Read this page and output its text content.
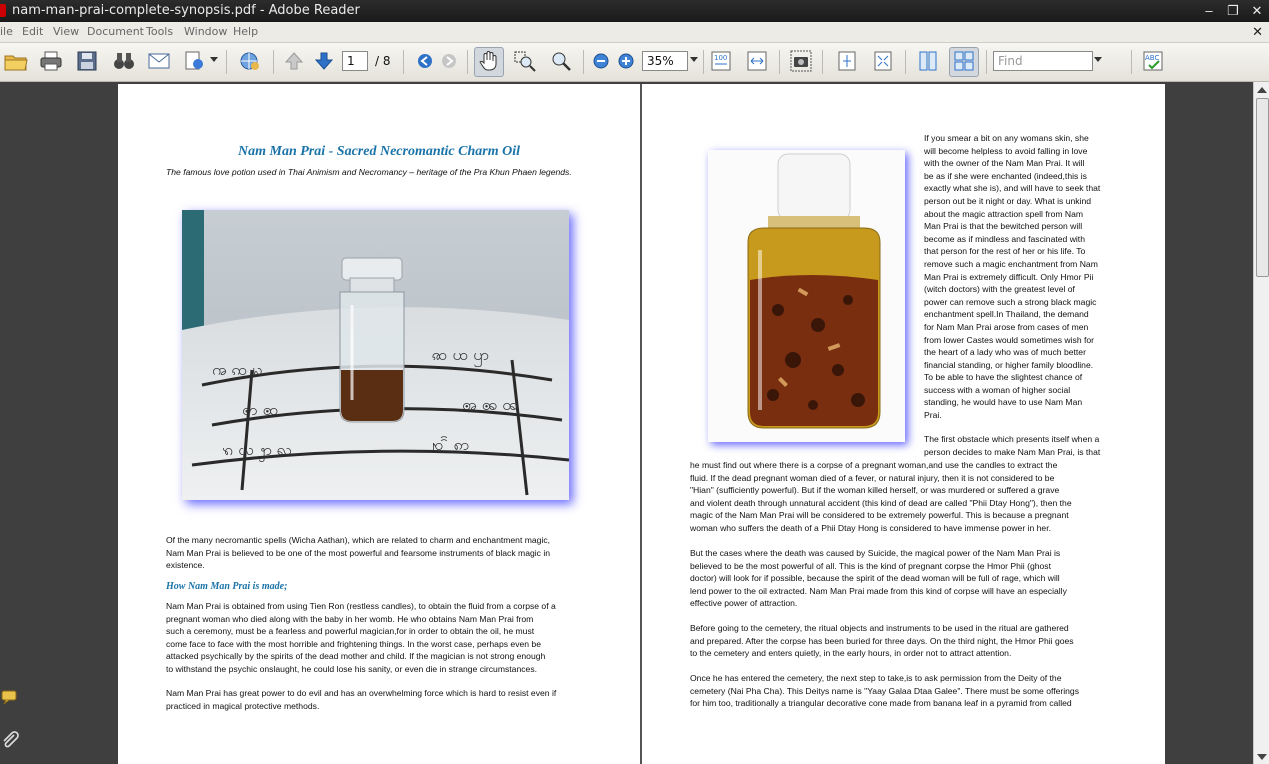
nam-man-prai-complete-synopsis.pdf - Adobe Reader	–	❐ ✕
ile Edit View Document Tools Window Help	✕
1	/ 8	35%	100	Find	ABC
Nam Man Prai - Sacred Necromantic Charm Oil
The famous love potion used in Thai Animism and Necromancy – heritage of the Pra Khun Phaen legends.
ꩠ ꩡ ꩢ
ꩣ ꩤ ꩥ
ꩦ ꩧ	ꩨ ꩩ ꩪ
ꩫ ꩬ ꩭ ꩮ	ꩯ ꩰ ꩱ
Of the many necromantic spells (Wicha Aathan), which are related to charm and enchantment magic,
Nam Man Prai is believed to be one of the most powerful and fearsome instruments of black magic in
existence.
How Nam Man Prai is made;
Nam Man Prai is obtained from using Tien Ron (restless candles), to obtain the fluid from a corpse of a
pregnant woman who died along with the baby in her womb. He who obtains Nam Man Prai from
such a ceremony, must be a fearless and powerful magician,for in order to obtain the oil, he must
come face to face with the most horrible and frightening things. In the worst case, perhaps even be
attacked psychically by the spirits of the dead mother and child. If the magician is not strong enough
to withstand the psychic onslaught, he could lose his sanity, or even die in strange circumstances.
Nam Man Prai has great power to do evil and has an overwhelming force which is hard to resist even if
practiced in magical protective methods.
If you smear a bit on any womans skin, she
will become helpless to avoid falling in love
with the owner of the Nam Man Prai. It will
be as if she were enchanted (indeed,this is
exactly what she is), and will have to seek that
person out be it night or day. What is unkind
about the magic attraction spell from Nam
Man Prai is that the bewitched person will
become as if mindless and fascinated with
that person for the rest of her or his life. To
remove such a magic enchantment from Nam
Man Prai is extremely difficult. Only Hmor Pii
(witch doctors) with the greatest level of
power can remove such a strong black magic
enchantment spell.In Thailand, the demand
for Nam Man Prai arose from cases of men
from lower Castes would sometimes wish for
the heart of a lady who was of much better
financial standing, or higher family bloodline.
To be able to have the slightest chance of
success with a woman of higher social
standing, he would have to use Nam Man
Prai.
The first obstacle which presents itself when a
person decides to make Nam Man Prai, is that
he must find out where there is a corpse of a pregnant woman,and use the candles to extract the
fluid. If the dead pregnant woman died of a fever, or natural injury, then it is not considered to be
"Hian" (sufficiently powerful). But if the woman killed herself, or was murdered or suffered a grave
and violent death through unnatural accident (this kind of dead are called "Phii Dtay Hong"), then the
magic of the Nam Man Prai will be considered to be extremely powerful. This is because a pregnant
woman who suffers the death of a Phii Dtay Hong is considered to have immense power in her.
But the cases where the death was caused by Suicide, the magical power of the Nam Man Prai is
believed to be the most powerful of all. This is the kind of pregnant corpse the Hmor Phii (ghost
doctor) will look for if possible, because the spirit of the dead woman will be full of rage, which will
lend power to the oil extracted. Nam Man Prai made from this kind of corpse will have an especially
effective power of attraction.
Before going to the cemetery, the ritual objects and instruments to be used in the ritual are gathered
and prepared. After the corpse has been buried for three days. On the third night, the Hmor Phii goes
to the cemetery and enters quietly, in the early hours, in order not to attract attention.
Once he has entered the cemetery, the next step to take,is to ask permission from the Deity of the
cemetery (Nai Pha Cha). This Deitys name is "Yaay Galaa Dtaa Galee". There must be some offerings
for him too, traditionally a triangular decorative cone made from banana leaf in a pyramid from called
